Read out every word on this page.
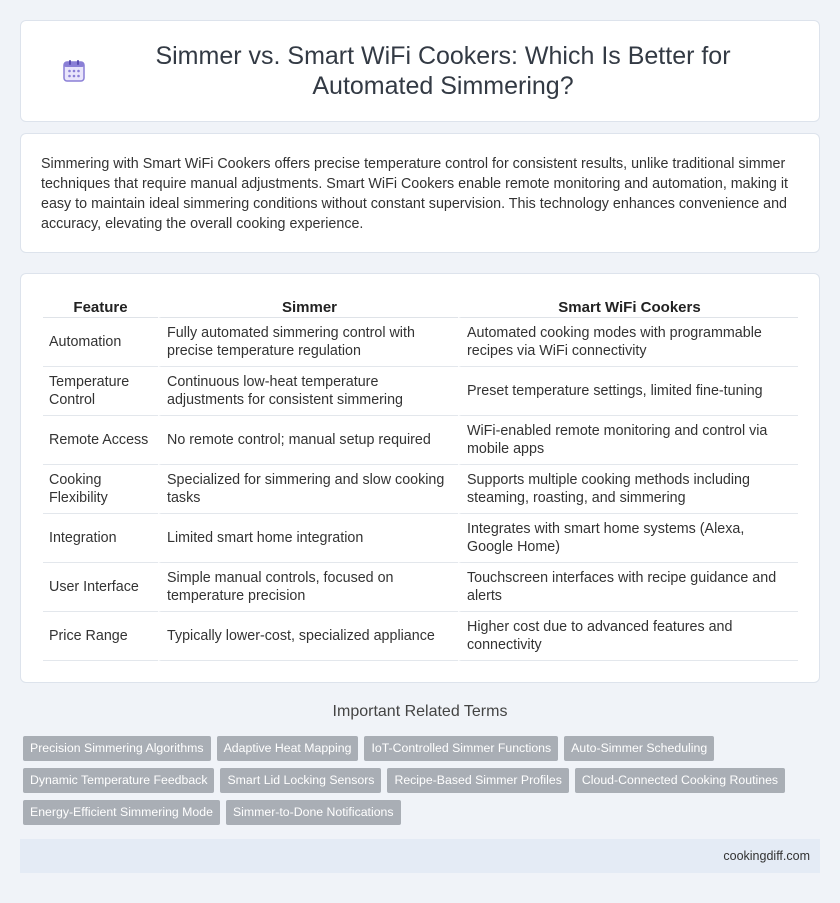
Simmer vs. Smart WiFi Cookers: Which Is Better for Automated Simmering?

Simmering with Smart WiFi Cookers offers precise temperature control for consistent results, unlike traditional simmer techniques that require manual adjustments. Smart WiFi Cookers enable remote monitoring and automation, making it easy to maintain ideal simmering conditions without constant supervision. This technology enhances convenience and accuracy, elevating the overall cooking experience.

Feature	Simmer	Smart WiFi Cookers
Automation	Fully automated simmering control with precise temperature regulation	Automated cooking modes with programmable recipes via WiFi connectivity
Temperature Control	Continuous low-heat temperature adjustments for consistent simmering	Preset temperature settings, limited fine-tuning
Remote Access	No remote control; manual setup required	WiFi-enabled remote monitoring and control via mobile apps
Cooking Flexibility	Specialized for simmering and slow cooking tasks	Supports multiple cooking methods including steaming, roasting, and simmering
Integration	Limited smart home integration	Integrates with smart home systems (Alexa, Google Home)
User Interface	Simple manual controls, focused on temperature precision	Touchscreen interfaces with recipe guidance and alerts
Price Range	Typically lower-cost, specialized appliance	Higher cost due to advanced features and connectivity
Important Related Terms
Precision Simmering Algorithms	Adaptive Heat Mapping	IoT-Controlled Simmer Functions	Auto-Simmer Scheduling
Dynamic Temperature Feedback	Smart Lid Locking Sensors	Recipe-Based Simmer Profiles	Cloud-Connected Cooking Routines
Energy-Efficient Simmering Mode	Simmer-to-Done Notifications
cookingdiff.com
